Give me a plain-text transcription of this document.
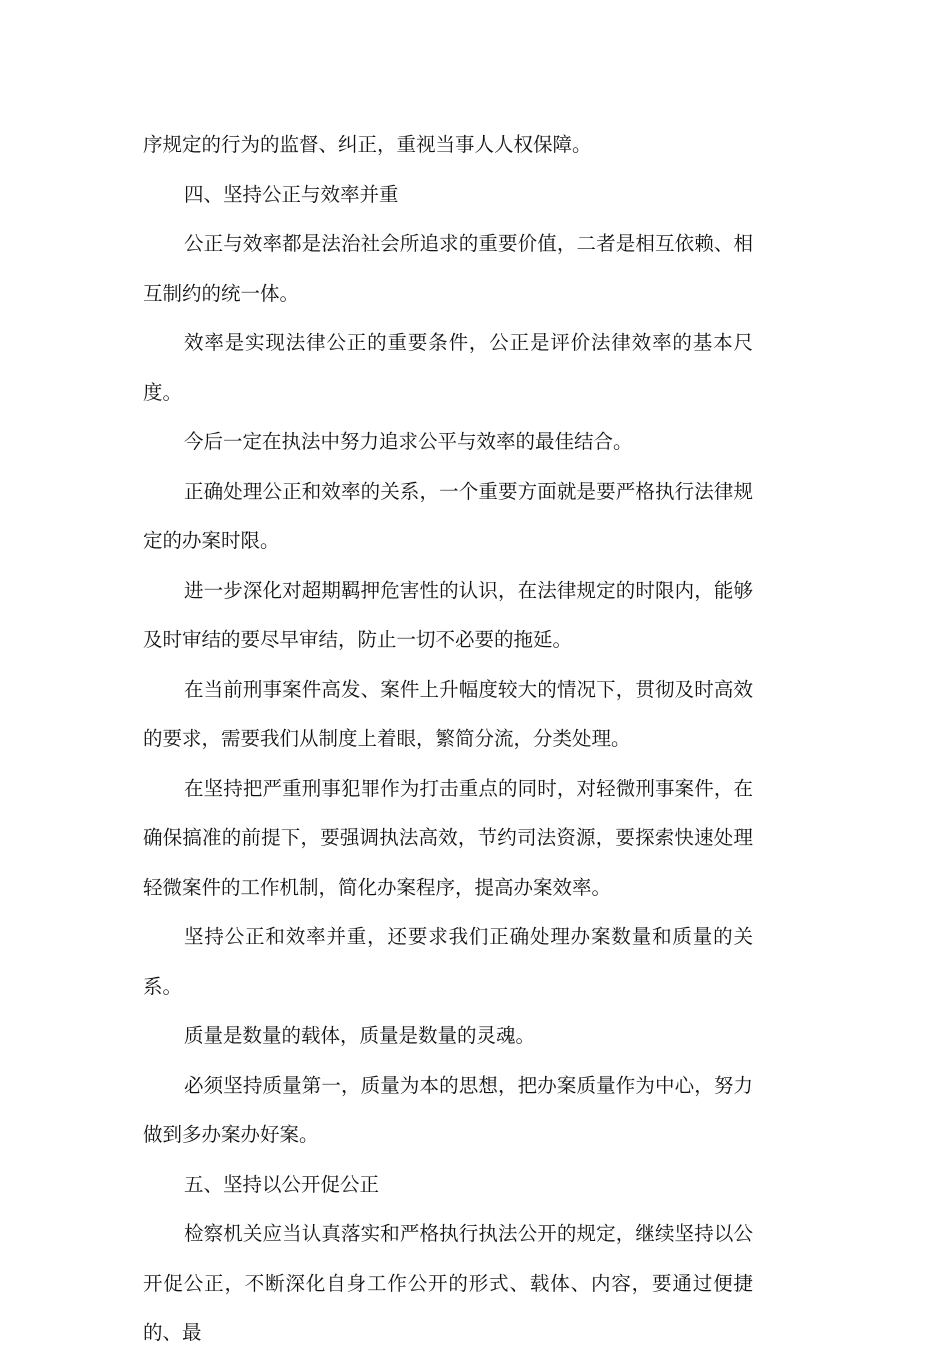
序规定的行为的监督、纠正，重视当事人人权保障。

四、坚持公正与效率并重

公正与效率都是法治社会所追求的重要价值，二者是相互依赖、相互制约的统一体。

效率是实现法律公正的重要条件，公正是评价法律效率的基本尺度。

今后一定在执法中努力追求公平与效率的最佳结合。

正确处理公正和效率的关系，一个重要方面就是要严格执行法律规定的办案时限。

进一步深化对超期羁押危害性的认识，在法律规定的时限内，能够及时审结的要尽早审结，防止一切不必要的拖延。

在当前刑事案件高发、案件上升幅度较大的情况下，贯彻及时高效的要求，需要我们从制度上着眼，繁简分流，分类处理。

在坚持把严重刑事犯罪作为打击重点的同时，对轻微刑事案件，在确保搞准的前提下，要强调执法高效，节约司法资源，要探索快速处理轻微案件的工作机制，简化办案程序，提高办案效率。

坚持公正和效率并重，还要求我们正确处理办案数量和质量的关系。

质量是数量的载体，质量是数量的灵魂。

必须坚持质量第一，质量为本的思想，把办案质量作为中心，努力做到多办案办好案。

五、坚持以公开促公正

检察机关应当认真落实和严格执行执法公开的规定，继续坚持以公开促公正，不断深化自身工作公开的形式、载体、内容，要通过便捷的、最
